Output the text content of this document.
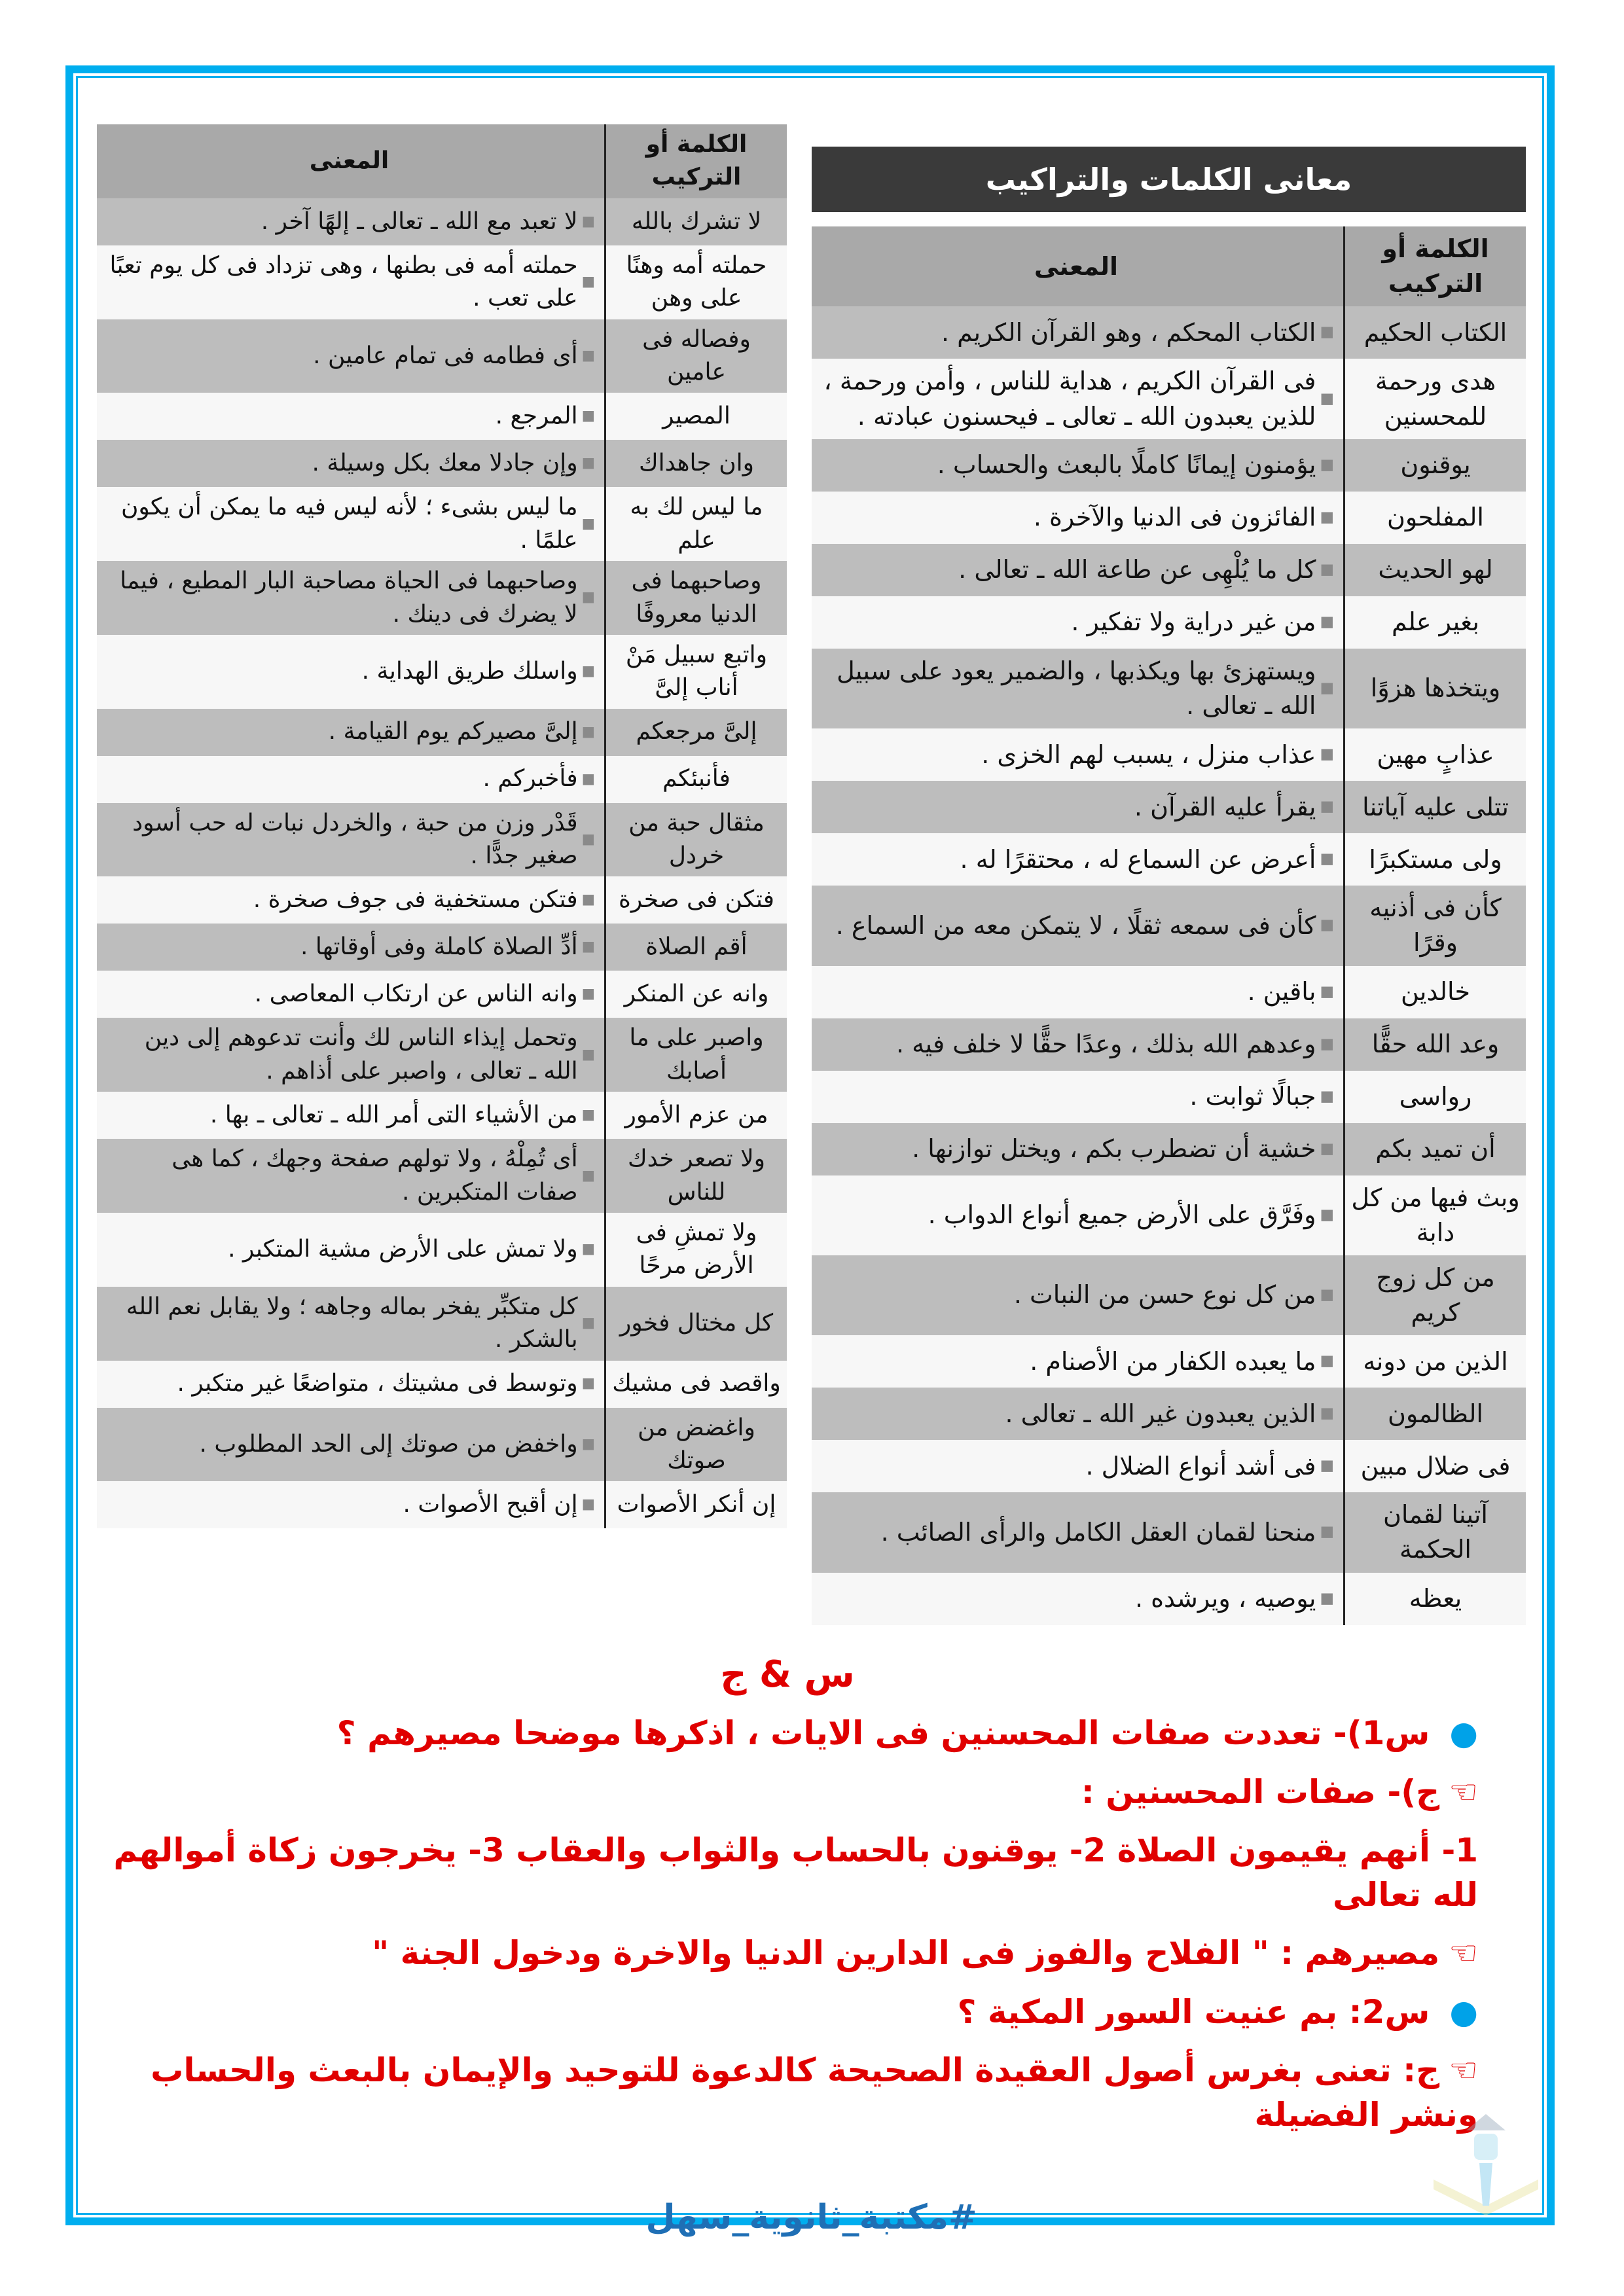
الكلمة أو التركيب
المعنى
لا تشرك بالله
■
لا تعبد مع الله ـ تعالى ـ إلهًا آخر .
حملته أمه وهنًا على وهن
■
حملته أمه فى بطنها ، وهى تزداد فى كل يوم تعبًا على تعب .
وفصاله فى عامين
■
أى فطامه فى تمام عامين .
المصير
■
المرجع .
وان جاهداك
■
وإن جادلا معك بكل وسيلة .
ما ليس لك به علم
■
ما ليس بشىء ؛ لأنه ليس فيه ما يمكن أن يكون علمًا .
وصاحبهما فى الدنيا معروفًا
■
وصاحبهما فى الحياة مصاحبة البار المطيع ، فيما لا يضرك فى دينك .
واتبع سبيل مَنْ أناب إلىَّ
■
واسلك طريق الهداية .
إلىَّ مرجعكم
■
إلىَّ مصيركم يوم القيامة .
فأنبئكم
■
فأخبركم .
مثقال حبة من خردل
■
قَدْر وزن من حبة ، والخردل نبات له حب أسود صغير جدًّا .
فتكن فى صخرة
■
فتكن مستخفية فى جوف صخرة .
أقم الصلاة
■
أدِّ الصلاة كاملة وفى أوقاتها .
وانه عن المنكر
■
وانه الناس عن ارتكاب المعاصى .
واصبر على ما أصابك
■
وتحمل إيذاء الناس لك وأنت تدعوهم إلى دين الله ـ تعالى ، واصبر على أذاهم .
من عزم الأمور
■
من الأشياء التى أمر الله ـ تعالى ـ بها .
ولا تصعر خدك للناس
■
أى تُمِلْهُ ، ولا تولهم صفحة وجهك ، كما هى صفات المتكبرين .
ولا تمشِ فى الأرض مرحًا
■
ولا تمش على الأرض مشية المتكبر .
كل مختال فخور
■
كل متكبِّر يفخر بماله وجاهه ؛ ولا يقابل نعم الله بالشكر .
واقصد فى مشيك
■
وتوسط فى مشيتك ، متواضعًا غير متكبر .
واغضض من صوتك
■
واخفض من صوتك إلى الحد المطلوب .
إن أنكر الأصوات
■
إن أقبح الأصوات .
معانى الكلمات والتراكيب
الكلمة أو التركيب
المعنى
الكتاب الحكيم
■
الكتاب المحكم ، وهو القرآن الكريم .
هدى ورحمة للمحسنين
■
فى القرآن الكريم ، هداية للناس ، وأمن ورحمة ، للذين يعبدون الله ـ تعالى ـ فيحسنون عبادته .
يوقنون
■
يؤمنون إيمانًا كاملًا بالبعث والحساب .
المفلحون
■
الفائزون فى الدنيا والآخرة .
لهو الحديث
■
كل ما يُلْهِى عن طاعة الله ـ تعالى .
بغير علم
■
من غير دراية ولا تفكير .
ويتخذها هزوًا
■
ويستهزئ بها ويكذبها ، والضمير يعود على سبيل الله ـ تعالى .
عذابٍ مهين
■
عذاب منزل ، يسبب لهم الخزى .
تتلى عليه آياتنا
■
يقرأ عليه القرآن .
ولى مستكبرًا
■
أعرض عن السماع له ، محتقرًا له .
كأن فى أذنيه وقرًا
■
كأن فى سمعه ثقلًا ، لا يتمكن معه من السماع .
خالدين
■
باقين .
وعد الله حقًّا
■
وعدهم الله بذلك ، وعدًا حقًّا لا خلف فيه .
رواسى
■
جبالًا ثوابت .
أن تميد بكم
■
خشية أن تضطرب بكم ، ويختل توازنها .
وبث فيها من كل دابة
■
وفَرَّق على الأرض جميع أنواع الدواب .
من كل زوج كريم
■
من كل نوع حسن من النبات .
الذين من دونه
■
ما يعبده الكفار من الأصنام .
الظالمون
■
الذين يعبدون غير الله ـ تعالى .
فى ضلال مبين
■
فى أشد أنواع الضلال .
آتينا لقمان الحكمة
■
منحنا لقمان العقل الكامل والرأى الصائب .
يعظه
■
يوصيه ، ويرشده .
س & ج
●س1)- تعددت صفات المحسنين فى الايات ، اذكرها موضحا مصيرهم ؟
☜ج)- صفات المحسنين :
1- أنهم يقيمون الصلاة 2- يوقنون بالحساب والثواب والعقاب 3- يخرجون زكاة أموالهم لله تعالى
☜مصيرهم : " الفلاح والفوز فى الدارين الدنيا والاخرة ودخول الجنة "
●س2: بم عنيت السور المكية ؟
☜ج: تعنى بغرس أصول العقيدة الصحيحة كالدعوة للتوحيد والإيمان بالبعث والحساب ونشر الفضيلة
#مكتبة_ثانوية_سهل
